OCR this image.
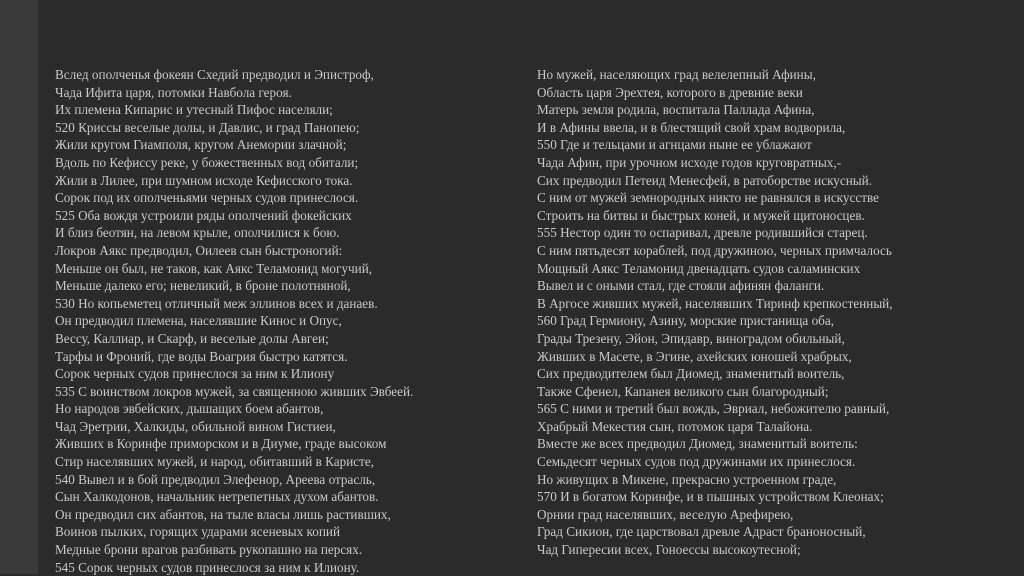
Вслед ополченья фокеян Схедий предводил и Эпистроф,
Чада Ифита царя, потомки Навбола героя.
Их племена Кипарис и утесный Пифос населяли;
520 Криссы веселые долы, и Давлис, и град Панопею;
Жили кругом Гиамполя, кругом Анемории злачной;
Вдоль по Кефиссу реке, у божественных вод обитали;
Жили в Лилее, при шумном исходе Кефисского тока.
Сорок под их ополченьями черных судов принеслося.
525 Оба вождя устроили ряды ополчений фокейских
И близ беотян, на левом крыле, ополчилися к бою.
Локров Аякс предводил, Оилеев сын быстроногий:
Меньше он был, не таков, как Аякс Теламонид могучий,
Меньше далеко его; невеликий, в броне полотняной,
530 Но копьеметец отличный меж эллинов всех и данаев.
Он предводил племена, населявшие Кинос и Опус,
Вессу, Каллиар, и Скарф, и веселые долы Авгеи;
Тарфы и Фроний, где воды Воагрия быстро катятся.
Сорок черных судов принеслося за ним к Илиону
535 С воинством локров мужей, за священною живших Эвбеей.
Но народов эвбейских, дышащих боем абантов,
Чад Эретрии, Халкиды, обильной вином Гистиеи,
Живших в Коринфе приморском и в Диуме, граде высоком
Стир населявших мужей, и народ, обитавший в Каристе,
540 Вывел и в бой предводил Элефенор, Ареева отрасль,
Сын Халкодонов, начальник нетрепетных духом абантов.
Он предводил сих абантов, на тыле власы лишь растивших,
Воинов пылких, горящих ударами ясеневых копий
Медные брони врагов разбивать рукопашно на персях.
545 Сорок черных судов принеслося за ним к Илиону.
Но мужей, населяющих град велелепный Афины,
Область царя Эрехтея, которого в древние веки
Матерь земля родила, воспитала Паллада Афина,
И в Афины ввела, и в блестящий свой храм водворила,
550 Где и тельцами и агнцами ныне ее ублажают
Чада Афин, при урочном исходе годов круговратных,-
Сих предводил Петеид Менесфей, в ратоборстве искусный.
С ним от мужей земнородных никто не равнялся в искусстве
Строить на битвы и быстрых коней, и мужей щитоносцев.
555 Нестор один то оспаривал, древле родившийся старец.
С ним пятьдесят кораблей, под дружиною, черных примчалось
Мощный Аякс Теламонид двенадцать судов саламинских
Вывел и с оными стал, где стояли афинян фаланги.
В Аргосе живших мужей, населявших Тиринф крепкостенный,
560 Град Гермиону, Азину, морские пристанища оба,
Грады Трезену, Эйон, Эпидавр, виноградом обильный,
Живших в Масете, в Эгине, ахейских юношей храбрых,
Сих предводителем был Диомед, знаменитый воитель,
Также Сфенел, Капанея великого сын благородный;
565 С ними и третий был вождь, Эвриал, небожителю равный,
Храбрый Мекестия сын, потомок царя Талайона.
Вместе же всех предводил Диомед, знаменитый воитель:
Семьдесят черных судов под дружинами их принеслося.
Но живущих в Микене, прекрасно устроенном граде,
570 И в богатом Коринфе, и в пышных устройством Клеонах;
Орнии град населявших, веселую Арефирею,
Град Сикион, где царствовал древле Адраст браноносный,
Чад Гипересии всех, Гоноессы высокоутесной;
